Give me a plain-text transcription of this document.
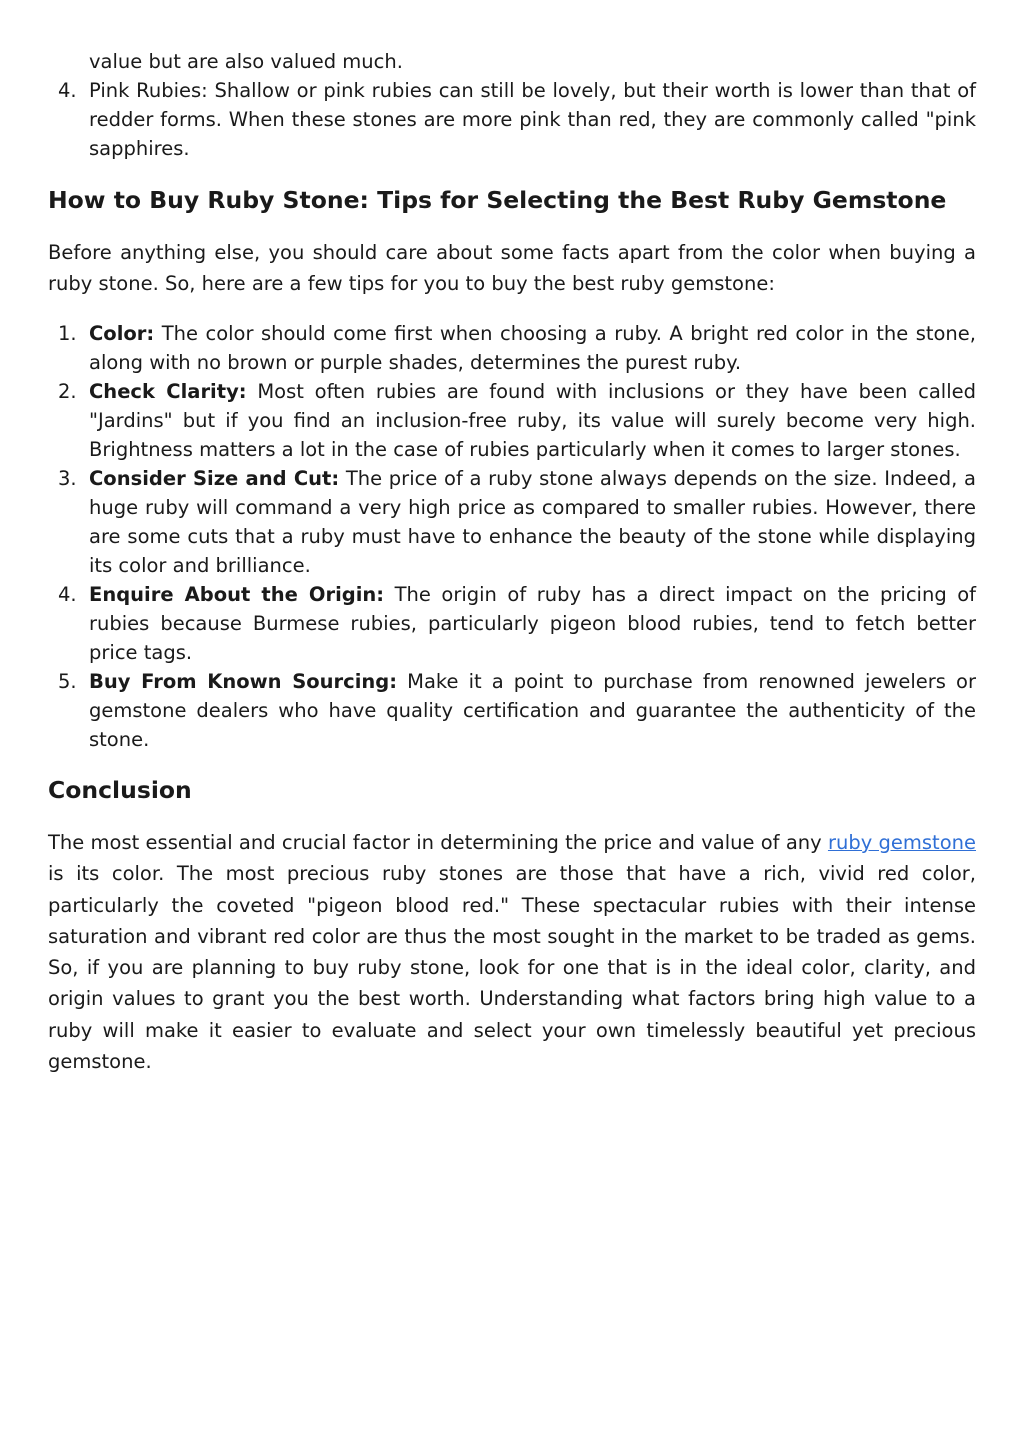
value but are also valued much.

4. Pink Rubies: Shallow or pink rubies can still be lovely, but their worth is lower than that of redder forms. When these stones are more pink than red, they are commonly called "pink sapphires.
How to Buy Ruby Stone: Tips for Selecting the Best Ruby Gemstone

Before anything else, you should care about some facts apart from the color when buying a ruby stone. So, here are a few tips for you to buy the best ruby gemstone:

1. Color: The color should come first when choosing a ruby. A bright red color in the stone, along with no brown or purple shades, determines the purest ruby.
2. Check Clarity: Most often rubies are found with inclusions or they have been called "Jardins" but if you find an inclusion-free ruby, its value will surely become very high. Brightness matters a lot in the case of rubies particularly when it comes to larger stones.
3. Consider Size and Cut: The price of a ruby stone always depends on the size. Indeed, a huge ruby will command a very high price as compared to smaller rubies. However, there are some cuts that a ruby must have to enhance the beauty of the stone while displaying its color and brilliance.
4. Enquire About the Origin: The origin of ruby has a direct impact on the pricing of rubies because Burmese rubies, particularly pigeon blood rubies, tend to fetch better price tags.
5. Buy From Known Sourcing: Make it a point to purchase from renowned jewelers or gemstone dealers who have quality certification and guarantee the authenticity of the stone.
Conclusion

The most essential and crucial factor in determining the price and value of any ruby gemstone is its color. The most precious ruby stones are those that have a rich, vivid red color, particularly the coveted "pigeon blood red." These spectacular rubies with their intense saturation and vibrant red color are thus the most sought in the market to be traded as gems. So, if you are planning to buy ruby stone, look for one that is in the ideal color, clarity, and origin values to grant you the best worth. Understanding what factors bring high value to a ruby will make it easier to evaluate and select your own timelessly beautiful yet precious gemstone.
